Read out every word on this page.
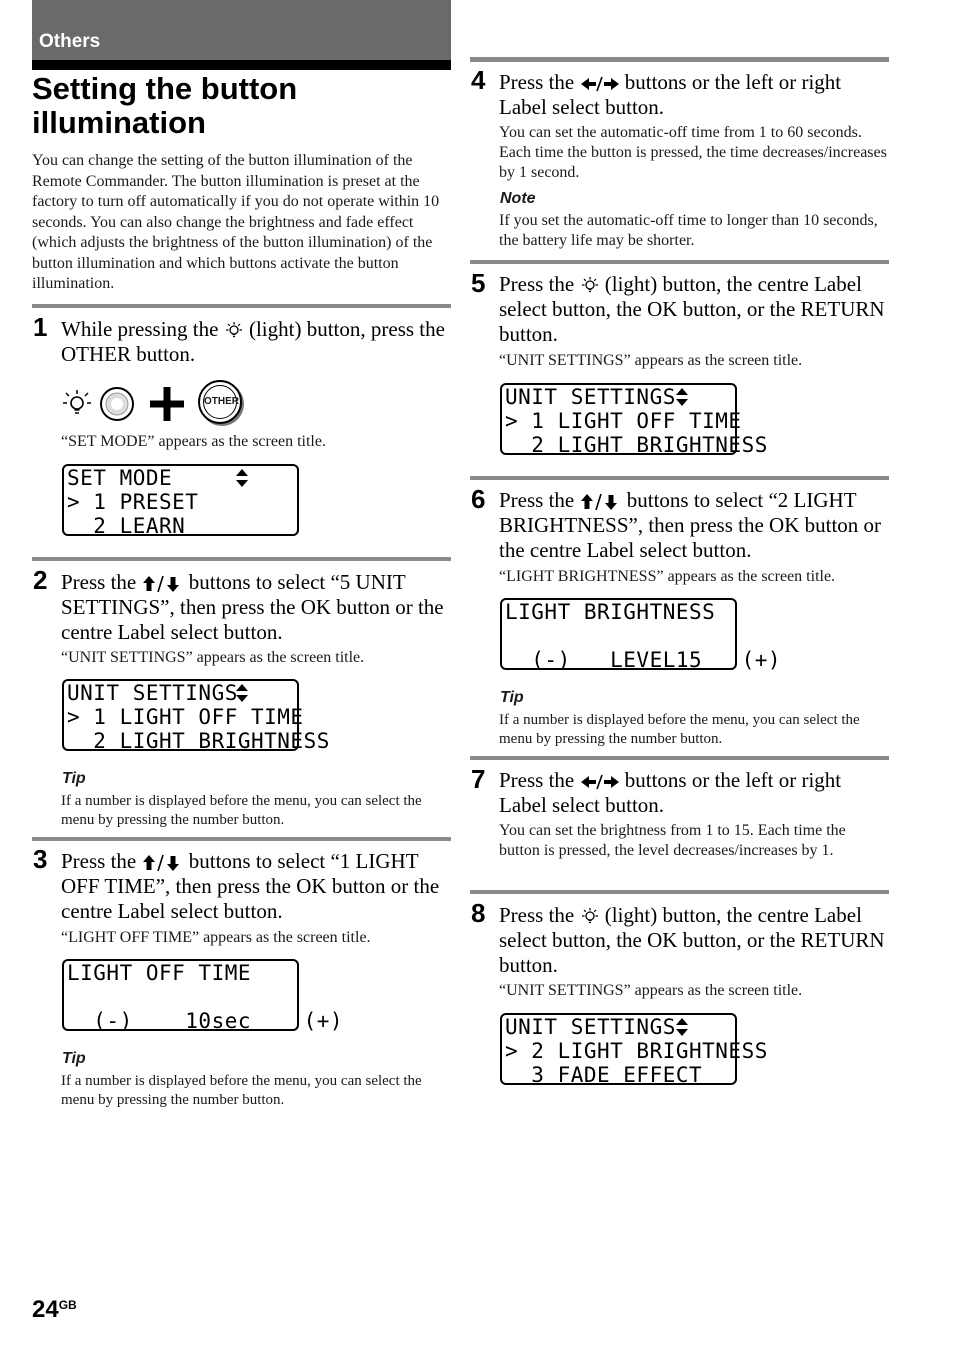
Others
Setting the button illumination

You can change the setting of the button illumination of the Remote Commander. The button illumination is preset at the factory to turn off automatically if you do not operate within 10 seconds. You can also change the brightness and fade effect (which adjusts the brightness of the button illumination) of the button illumination and which buttons activate the button illumination.

1 While pressing the  (light) button, press the OTHER button.

OTHER

“SET MODE” appears as the screen title.

SET MODE
> 1 PRESET
2 LEARN
2 Press the  buttons to select “5 UNIT SETTINGS”, then press the OK button or the centre Label select button.

“UNIT SETTINGS” appears as the screen title.

UNIT SETTINGS
> 1 LIGHT OFF TIME
2 LIGHT BRIGHTNESS
Tip

If a number is displayed before the menu, you can select the menu by pressing the number button.

3 Press the  buttons to select “1 LIGHT OFF TIME”, then press the OK button or the centre Label select button.

“LIGHT OFF TIME” appears as the screen title.

LIGHT OFF TIME
(-)    10sec    (+)
Tip

If a number is displayed before the menu, you can select the menu by pressing the number button.

4 Press the  buttons or the left or right Label select button.

You can set the automatic-off time from 1 to 60 seconds. Each time the button is pressed, the time decreases/increases by 1 second.

Note

If you set the automatic-off time to longer than 10 seconds, the battery life may be shorter.

5 Press the  (light) button, the centre Label select button, the OK button, or the RETURN button.

“UNIT SETTINGS” appears as the screen title.

UNIT SETTINGS
> 1 LIGHT OFF TIME
2 LIGHT BRIGHTNESS
6 Press the  buttons to select “2 LIGHT BRIGHTNESS”, then press the OK button or the centre Label select button.

“LIGHT BRIGHTNESS” appears as the screen title.

LIGHT BRIGHTNESS
(-)   LEVEL15   (+)
Tip

If a number is displayed before the menu, you can select the menu by pressing the number button.

7 Press the  buttons or the left or right Label select button.

You can set the brightness from 1 to 15. Each time the button is pressed, the level decreases/increases by 1.

8 Press the  (light) button, the centre Label select button, the OK button, or the RETURN button.

“UNIT SETTINGS” appears as the screen title.

UNIT SETTINGS
> 2 LIGHT BRIGHTNESS
3 FADE EFFECT
$24^{GB}$
